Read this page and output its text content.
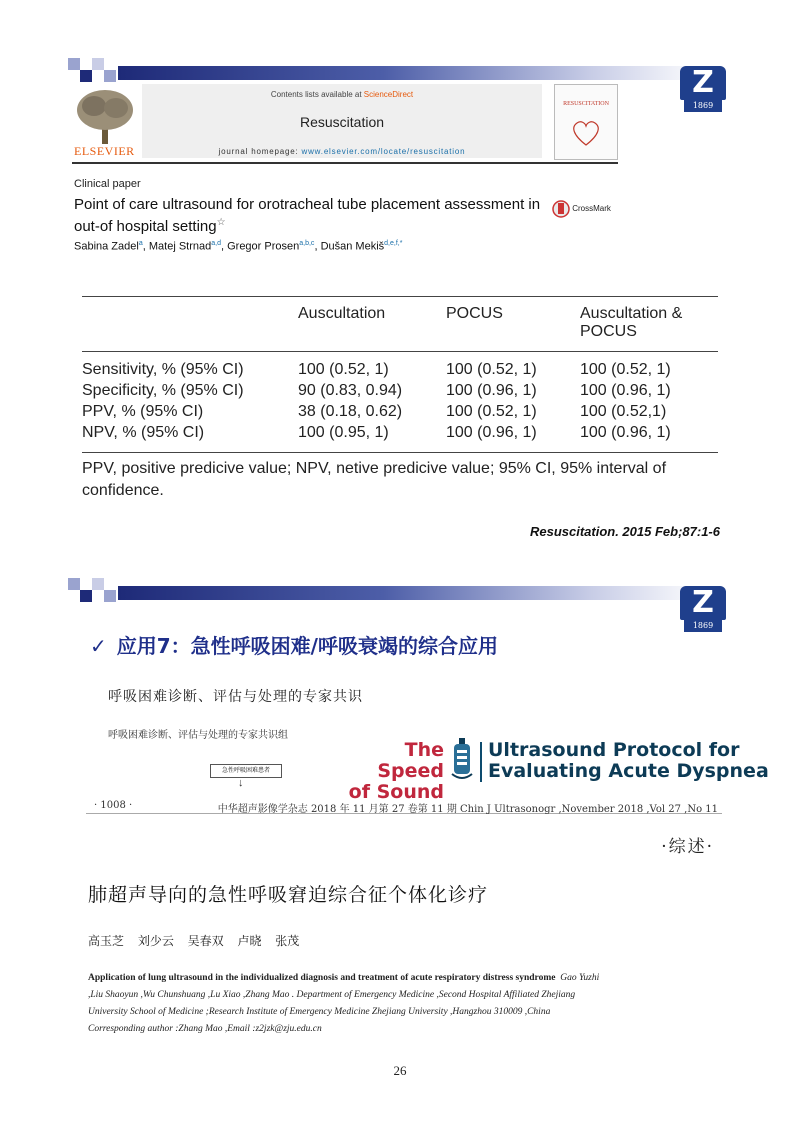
Z
1869
ELSEVIER
Contents lists available at ScienceDirect
Resuscitation
journal homepage: www.elsevier.com/locate/resuscitation
RESUSCITATION
Clinical paper
Point of care ultrasound for orotracheal tube placement assessment in out-of hospital setting☆
CrossMark
Sabina Zadel$^a$, Matej Strnad$^{a,d}$, Gregor Prosen$^{a,b,c}$, Dušan Mekiš$^{d,e,f,*}$
	Auscultation	POCUS	Auscultation & POCUS
Sensitivity, % (95% CI)	100 (0.52, 1)	100 (0.52, 1)	100 (0.52, 1)
Specificity, % (95% CI)	90 (0.83, 0.94)	100 (0.96, 1)	100 (0.96, 1)
PPV, % (95% CI)	38 (0.18, 0.62)	100 (0.52, 1)	100 (0.52,1)
NPV, % (95% CI)	100 (0.95, 1)	100 (0.96, 1)	100 (0.96, 1)
PPV, positive predicive value; NPV, netive predicive value; 95% CI, 95% interval of confidence.
Resuscitation. 2015 Feb;87:1-6
Z
1869
✓ 应用7：急性呼吸困难/呼吸衰竭的综合应用
呼吸困难诊断、评估与处理的专家共识
呼吸困难诊断、评估与处理的专家共识组
急性呼吸困难患者
↓
The Speed
of Sound
Ultrasound Protocol for
Evaluating Acute Dyspnea

· 1008 ·	中华超声影像学杂志 2018 年 11 月第 27 卷第 11 期 Chin J Ultrasonogr ,November 2018 ,Vol 27 ,No 11
·综述·
肺超声导向的急性呼吸窘迫综合征个体化诊疗
高玉芝 刘少云 吴春双 卢晓 张茂
Application of lung ultrasound in the individualized diagnosis and treatment of acute respiratory distress syndrome Gao Yuzhi ,Liu Shaoyun ,Wu Chunshuang ,Lu Xiao ,Zhang Mao . Department of Emergency Medicine ,Second Hospital Affiliated Zhejiang University School of Medicine ;Research Institute of Emergency Medicine Zhejiang University ,Hangzhou 310009 ,China
Corresponding author :Zhang Mao ,Email :z2jzk@zju.edu.cn
26
